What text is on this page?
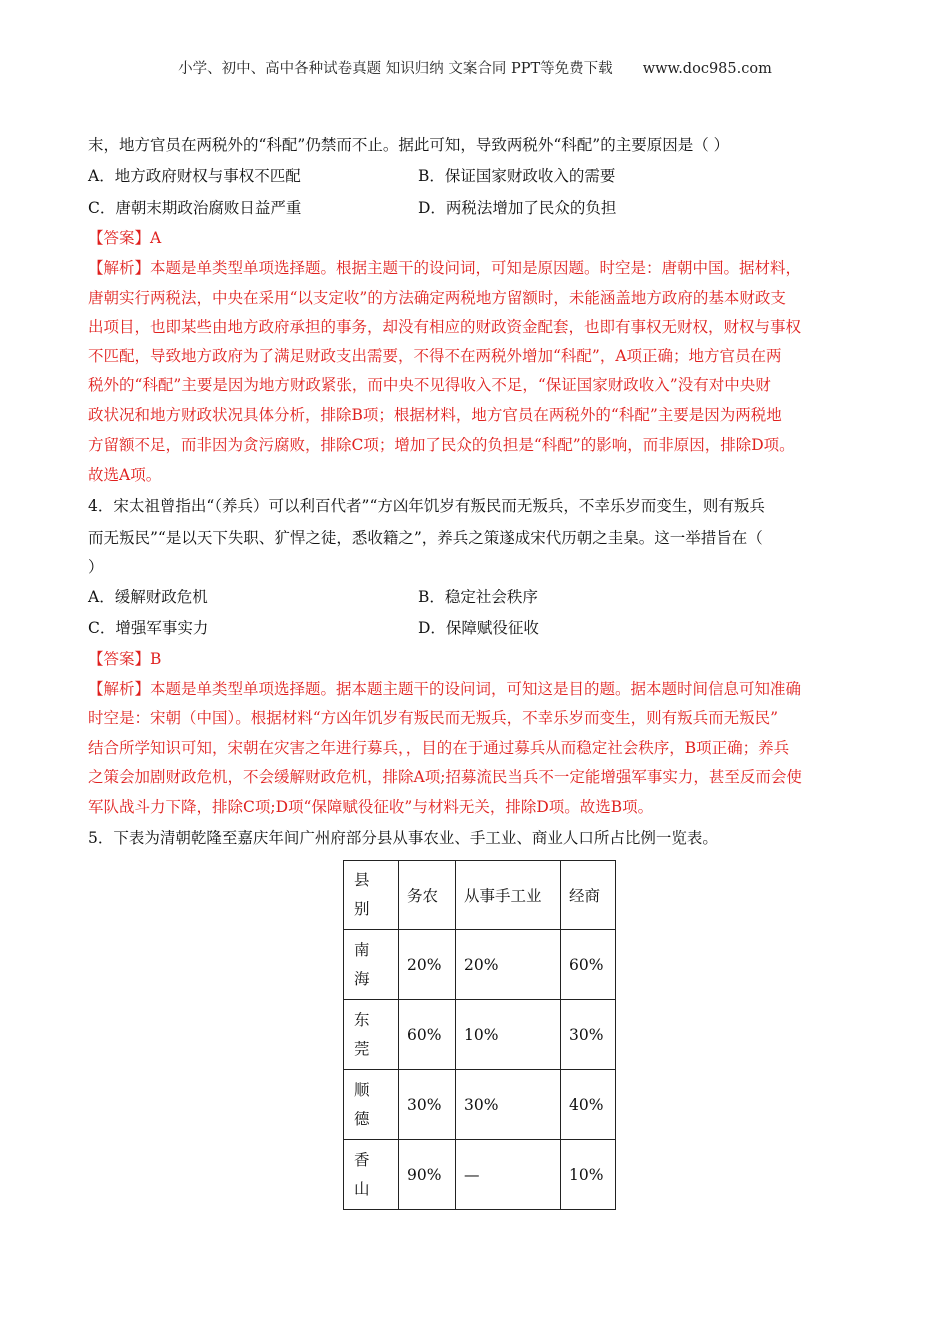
小学、初中、高中各种试卷真题 知识归纳 文案合同 PPT等免费下载 www.doc985.com
末，地方官员在两税外的“科配”仍禁而不止。据此可知，导致两税外“科配”的主要原因是（ ）
A．地方政府财权与事权不匹配	B．保证国家财政收入的需要
C．唐朝末期政治腐败日益严重	D．两税法增加了民众的负担
【答案】A
【解析】本题是单类型单项选择题。根据主题干的设问词，可知是原因题。时空是：唐朝中国。据材料，
唐朝实行两税法，中央在采用“以支定收”的方法确定两税地方留额时，未能涵盖地方政府的基本财政支
出项目，也即某些由地方政府承担的事务，却没有相应的财政资金配套，也即有事权无财权，财权与事权
不匹配，导致地方政府为了满足财政支出需要，不得不在两税外增加“科配”，A项正确；地方官员在两
税外的“科配”主要是因为地方财政紧张，而中央不见得收入不足，“保证国家财政收入”没有对中央财
政状况和地方财政状况具体分析，排除B项；根据材料，地方官员在两税外的“科配”主要是因为两税地
方留额不足，而非因为贪污腐败，排除C项；增加了民众的负担是“科配”的影响，而非原因，排除D项。
故选A项。
4．宋太祖曾指出“（养兵）可以利百代者”“方凶年饥岁有叛民而无叛兵，不幸乐岁而变生，则有叛兵
而无叛民”“是以天下失职、犷悍之徒，悉收籍之”，养兵之策遂成宋代历朝之圭臬。这一举措旨在（
）
A．缓解财政危机	B．稳定社会秩序
C．增强军事实力	D．保障赋役征收
【答案】B
【解析】本题是单类型单项选择题。据本题主题干的设问词，可知这是目的题。据本题时间信息可知准确
时空是：宋朝（中国）。根据材料“方凶年饥岁有叛民而无叛兵，不幸乐岁而变生，则有叛兵而无叛民”
结合所学知识可知，宋朝在灾害之年进行募兵，，目的在于通过募兵从而稳定社会秩序，B项正确；养兵
之策会加剧财政危机，不会缓解财政危机，排除A项;招募流民当兵不一定能增强军事实力，甚至反而会使
军队战斗力下降，排除C项;D项“保障赋役征收”与材料无关，排除D项。故选B项。
5．下表为清朝乾隆至嘉庆年间广州府部分县从事农业、手工业、商业人口所占比例一览表。
县别	务农	从事手工业	经商
南海	20%	20%	60%
东莞	60%	10%	30%
顺德	30%	30%	40%
香山	90%	—	10%
